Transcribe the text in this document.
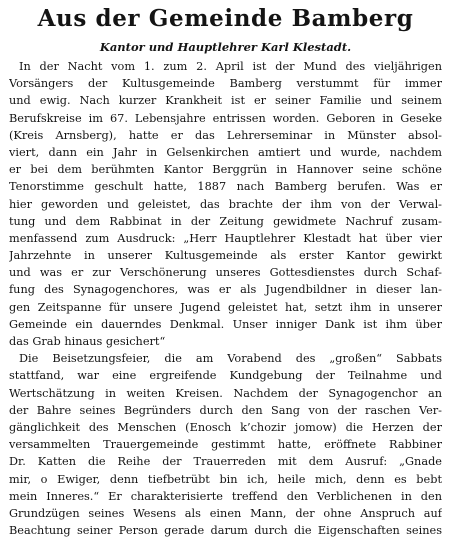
Aus der Gemeinde Bamberg
Kantor und Hauptlehrer Karl Klestadt.
In der Nacht vom 1. zum 2. April ist der Mund des vieljährigen
Vorsängers der Kultusgemeinde Bamberg verstummt für immer
und ewig. Nach kurzer Krankheit ist er seiner Familie und seinem
Berufskreise im 67. Lebensjahre entrissen worden. Geboren in Geseke
(Kreis Arnsberg), hatte er das Lehrerseminar in Münster absol-
viert, dann ein Jahr in Gelsenkirchen amtiert und wurde, nachdem
er bei dem berühmten Kantor Berggrün in Hannover seine schöne
Tenorstimme geschult hatte, 1887 nach Bamberg berufen. Was er
hier geworden und geleistet, das brachte der ihm von der Verwal-
tung und dem Rabbinat in der Zeitung gewidmete Nachruf zusam-
menfassend zum Ausdruck: „Herr Hauptlehrer Klestadt hat über vier
Jahrzehnte in unserer Kultusgemeinde als erster Kantor gewirkt
und was er zur Verschönerung unseres Gottesdienstes durch Schaf-
fung des Synagogenchores, was er als Jugendbildner in dieser lan-
gen Zeitspanne für unsere Jugend geleistet hat, setzt ihm in unserer
Gemeinde ein dauerndes Denkmal. Unser inniger Dank ist ihm über
das Grab hinaus gesichert“
Die Beisetzungsfeier, die am Vorabend des „großen“ Sabbats
stattfand, war eine ergreifende Kundgebung der Teilnahme und
Wertschätzung in weiten Kreisen. Nachdem der Synagogenchor an
der Bahre seines Begründers durch den Sang von der raschen Ver-
gänglichkeit des Menschen (Enosch k’chozir jomow) die Herzen der
versammelten Trauergemeinde gestimmt hatte, eröffnete Rabbiner
Dr. Katten die Reihe der Trauerreden mit dem Ausruf: „Gnade
mir, o Ewiger, denn tiefbetrübt bin ich, heile mich, denn es bebt
mein Inneres.“ Er charakterisierte treffend den Verblichenen in den
Grundzügen seines Wesens als einen Mann, der ohne Anspruch auf
Beachtung seiner Person gerade darum durch die Eigenschaften seines
